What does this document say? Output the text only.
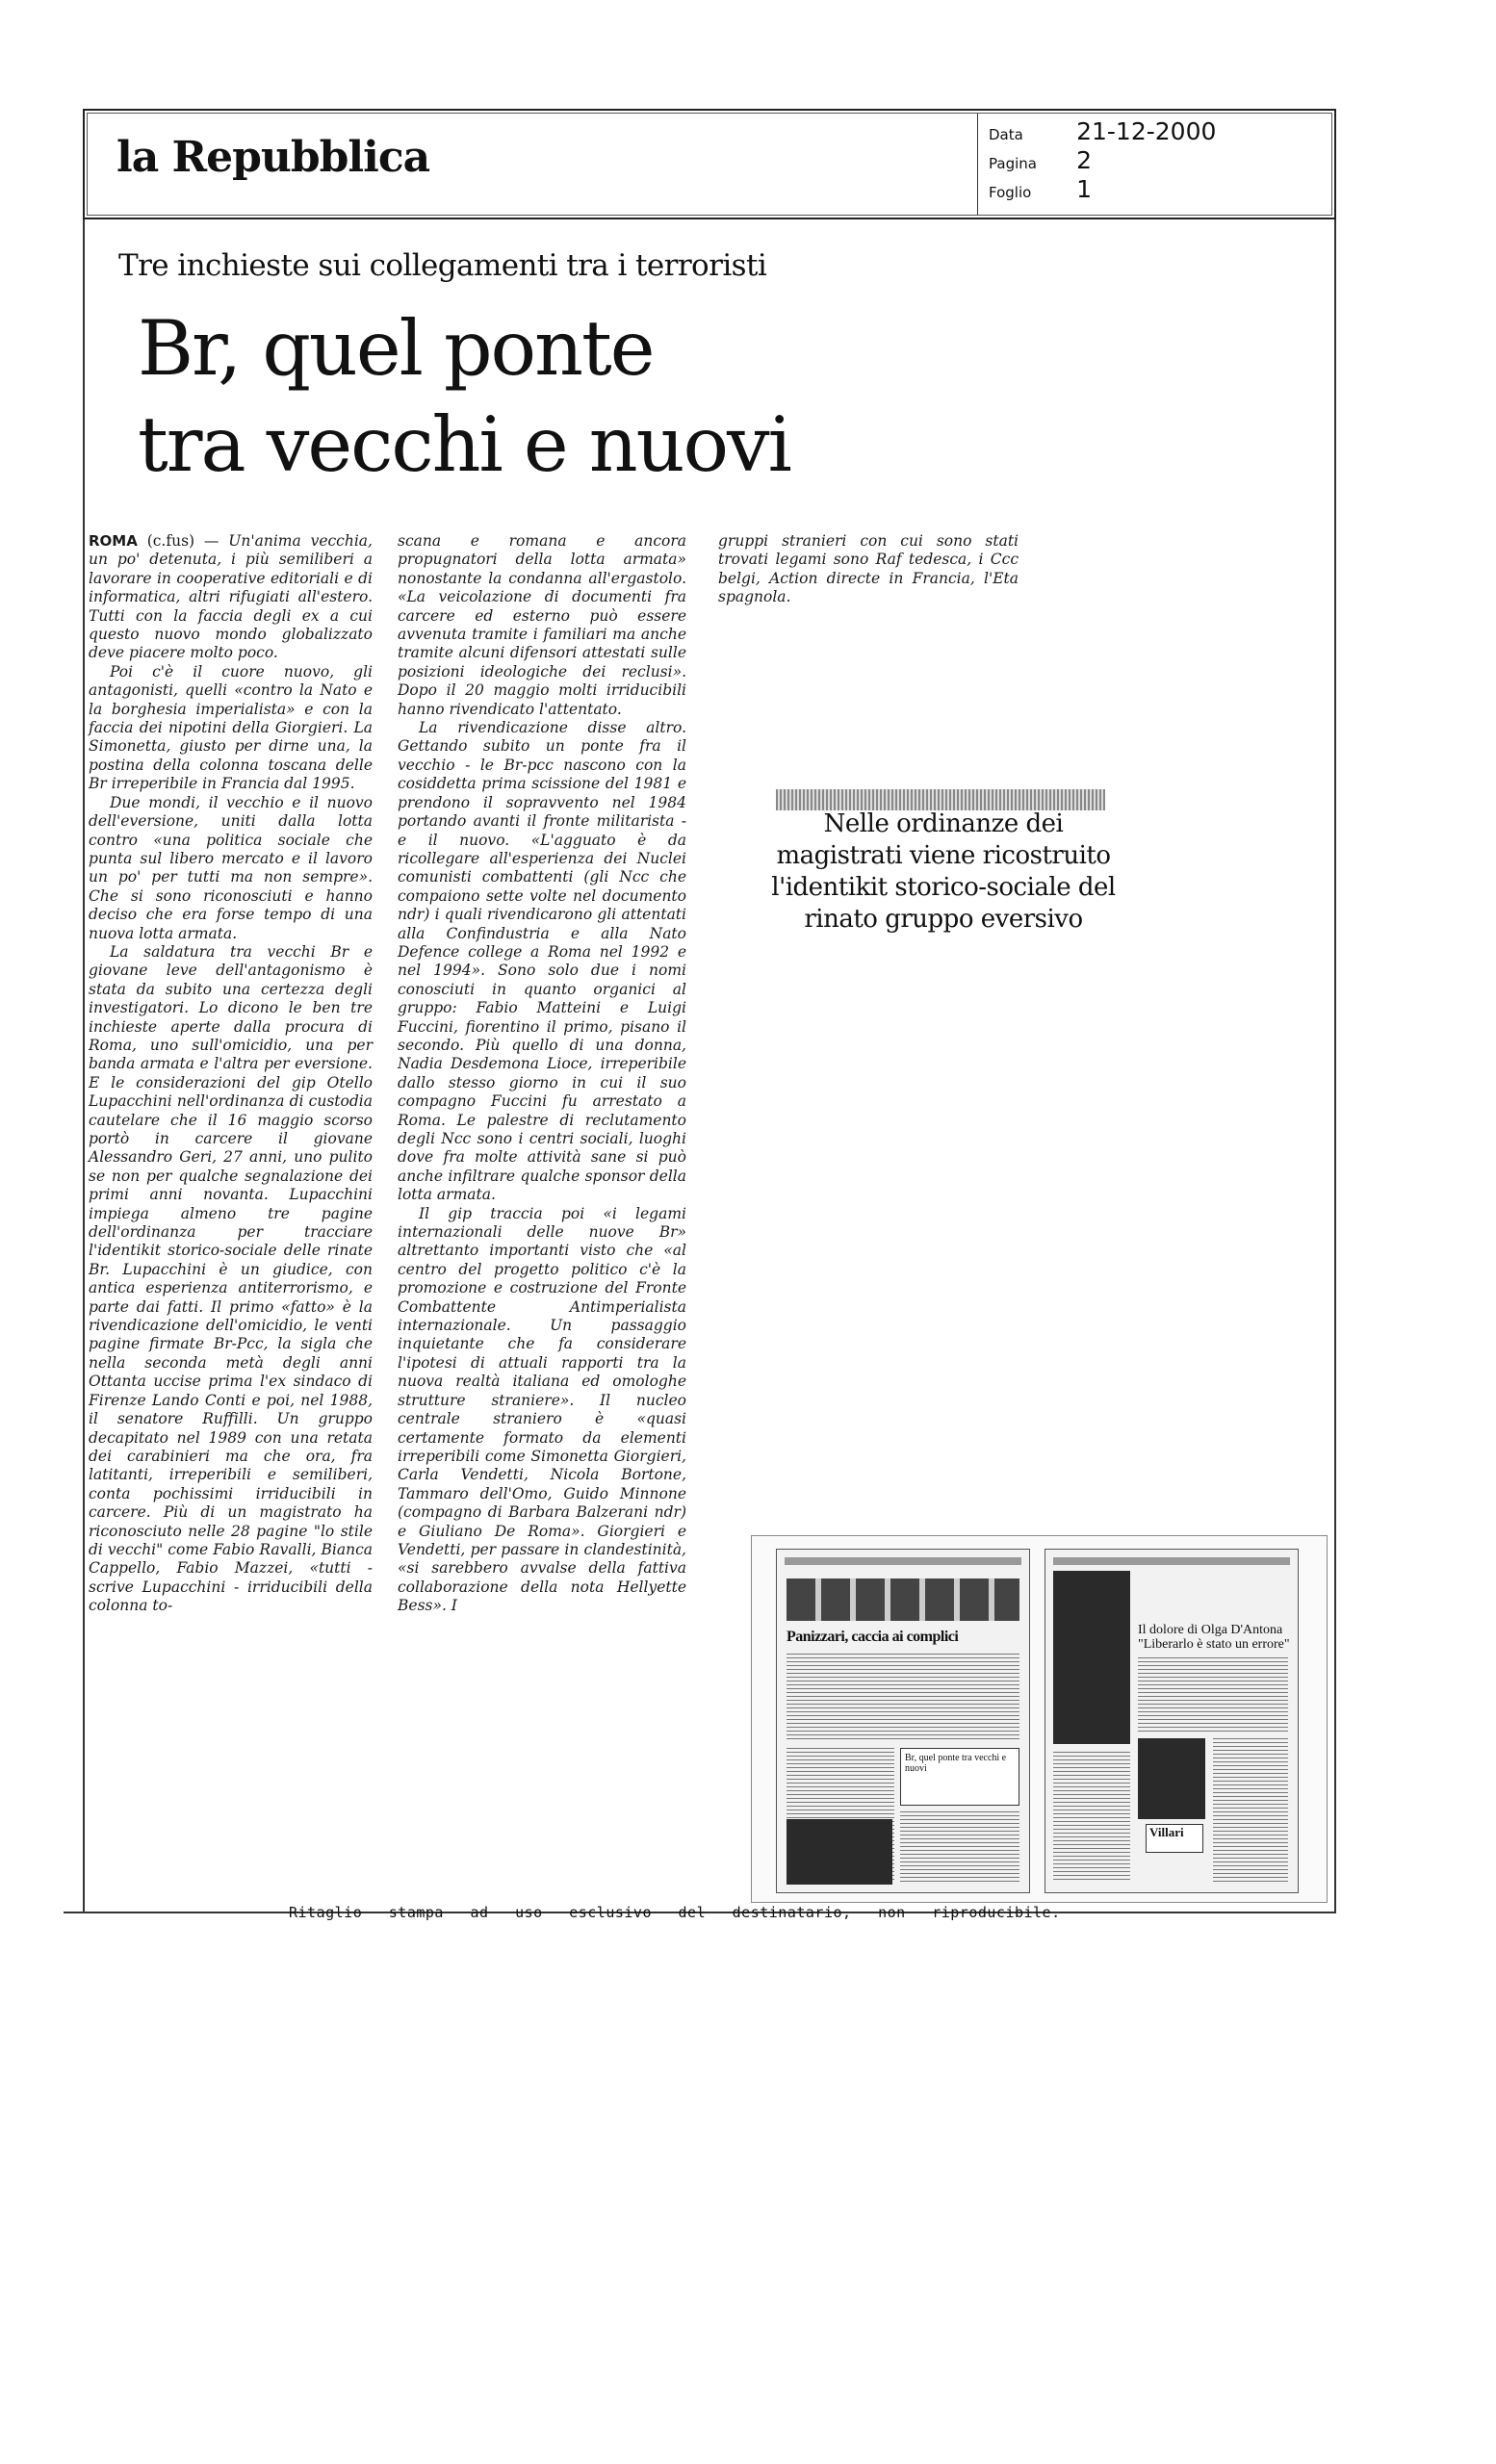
la Repubblica	Data 21-12-2000
Pagina 2
Foglio 1
Tre inchieste sui collegamenti tra i terroristi
Br, quel ponte
tra vecchi e nuovi

ROMA (c.fus) — Un'anima vecchia, un po' detenuta, i più semiliberi a lavorare in cooperative editoriali e di informatica, altri rifugiati all'estero. Tutti con la faccia degli ex a cui questo nuovo mondo globalizzato deve piacere molto poco.

Poi c'è il cuore nuovo, gli antagonisti, quelli «contro la Nato e la borghesia imperialista» e con la faccia dei nipotini della Giorgieri. La Simonetta, giusto per dirne una, la postina della colonna toscana delle Br irreperibile in Francia dal 1995.

Due mondi, il vecchio e il nuovo dell'eversione, uniti dalla lotta contro «una politica sociale che punta sul libero mercato e il lavoro un po' per tutti ma non sempre». Che si sono riconosciuti e hanno deciso che era forse tempo di una nuova lotta armata.

La saldatura tra vecchi Br e giovane leve dell'antagonismo è stata da subito una certezza degli investigatori. Lo dicono le ben tre inchieste aperte dalla procura di Roma, uno sull'omicidio, una per banda armata e l'altra per eversione. E le considerazioni del gip Otello Lupacchini nell'ordinanza di custodia cautelare che il 16 maggio scorso portò in carcere il giovane Alessandro Geri, 27 anni, uno pulito se non per qualche segnalazione dei primi anni novanta. Lupacchini impiega almeno tre pagine dell'ordinanza per tracciare l'identikit storico-sociale delle rinate Br. Lupacchini è un giudice, con antica esperienza antiterrorismo, e parte dai fatti. Il primo «fatto» è la rivendicazione dell'omicidio, le venti pagine firmate Br-Pcc, la sigla che nella seconda metà degli anni Ottanta uccise prima l'ex sindaco di Firenze Lando Conti e poi, nel 1988, il senatore Ruffilli. Un gruppo decapitato nel 1989 con una retata dei carabinieri ma che ora, fra latitanti, irreperibili e semiliberi, conta pochissimi irriducibili in carcere. Più di un magistrato ha riconosciuto nelle 28 pagine "lo stile di vecchi" come Fabio Ravalli, Bianca Cappello, Fabio Mazzei, «tutti - scrive Lupacchini - irriducibili della colonna to-

scana e romana e ancora propugnatori della lotta armata» nonostante la condanna all'ergastolo. «La veicolazione di documenti fra carcere ed esterno può essere avvenuta tramite i familiari ma anche tramite alcuni difensori attestati sulle posizioni ideologiche dei reclusi». Dopo il 20 maggio molti irriducibili hanno rivendicato l'attentato.

La rivendicazione disse altro. Gettando subito un ponte fra il vecchio - le Br-pcc nascono con la cosiddetta prima scissione del 1981 e prendono il sopravvento nel 1984 portando avanti il fronte militarista - e il nuovo. «L'agguato è da ricollegare all'esperienza dei Nuclei comunisti combattenti (gli Ncc che compaiono sette volte nel documento ndr) i quali rivendicarono gli attentati alla Confindustria e alla Nato Defence college a Roma nel 1992 e nel 1994». Sono solo due i nomi conosciuti in quanto organici al gruppo: Fabio Matteini e Luigi Fuccini, fiorentino il primo, pisano il secondo. Più quello di una donna, Nadia Desdemona Lioce, irreperibile dallo stesso giorno in cui il suo compagno Fuccini fu arrestato a Roma. Le palestre di reclutamento degli Ncc sono i centri sociali, luoghi dove fra molte attività sane si può anche infiltrare qualche sponsor della lotta armata.

Il gip traccia poi «i legami internazionali delle nuove Br» altrettanto importanti visto che «al centro del progetto politico c'è la promozione e costruzione del Fronte Combattente Antimperialista internazionale. Un passaggio inquietante che fa considerare l'ipotesi di attuali rapporti tra la nuova realtà italiana ed omologhe strutture straniere». Il nucleo centrale straniero è «quasi certamente formato da elementi irreperibili come Simonetta Giorgieri, Carla Vendetti, Nicola Bortone, Tammaro dell'Omo, Guido Minnone (compagno di Barbara Balzerani ndr) e Giuliano De Roma». Giorgieri e Vendetti, per passare in clandestinità, «si sarebbero avvalse della fattiva collaborazione della nota Hellyette Bess». I

gruppi stranieri con cui sono stati trovati legami sono Raf tedesca, i Ccc belgi, Action directe in Francia, l'Eta spagnola.

Nelle ordinanze dei magistrati viene ricostruito l'identikit storico-sociale del rinato gruppo eversivo
Panizzari, caccia ai complici
Br, quel ponte tra vecchi e nuovi
Il dolore di Olga D'Antona "Liberarlo è stato un errore"
Villari
Ritaglio stampa ad uso esclusivo del destinatario, non riproducibile.
